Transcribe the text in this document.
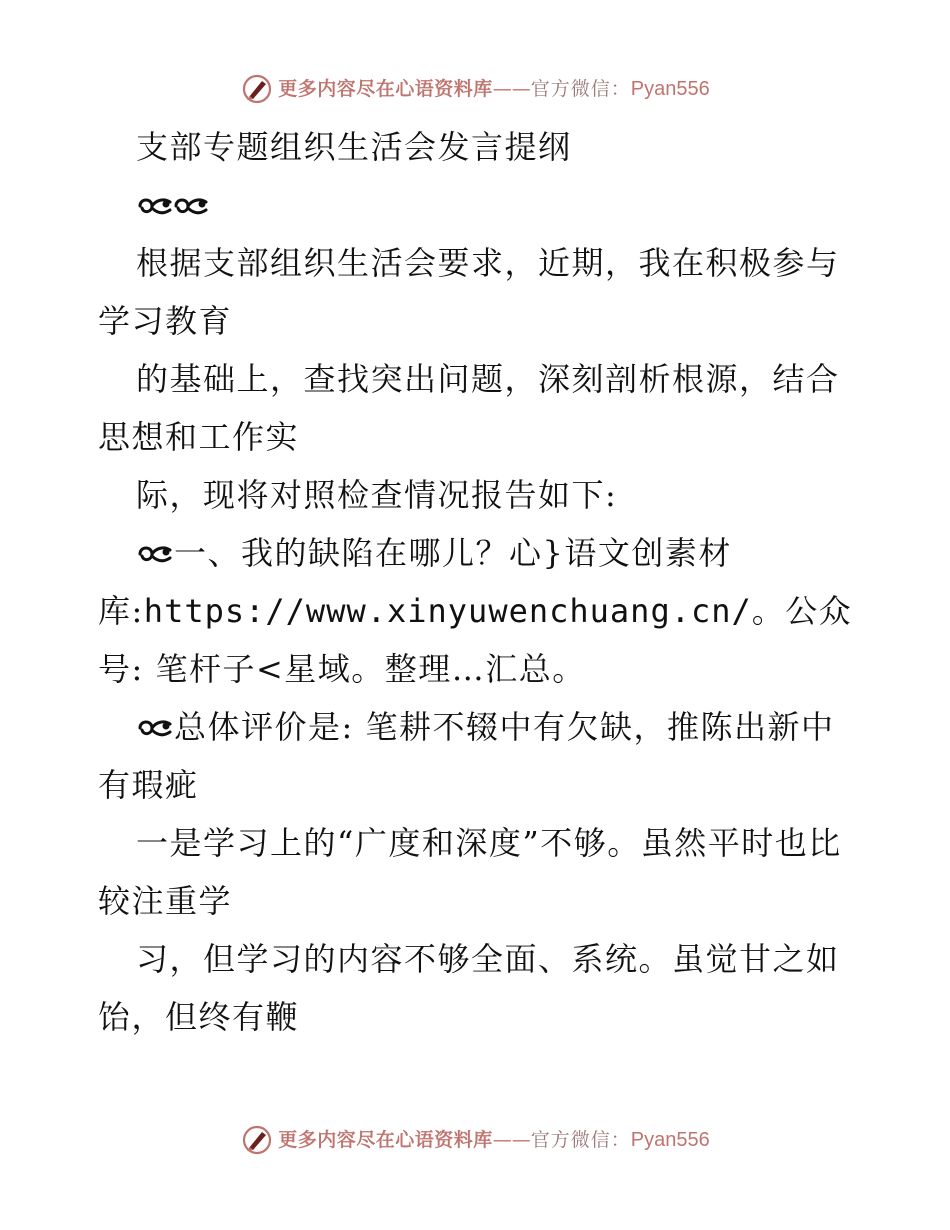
更多内容尽在心语资料库 —— 官方微信： Pyan556

支部专题组织生活会发言提纲

根据支部组织生活会要求，近期，我在积极参与学习教育

的基础上，查找突出问题，深刻剖析根源，结合思想和工作实

际，现将对照检查情况报告如下:

一、我的缺陷在哪儿？心}语文创素材库:https://www.xinyuwenchuang.cn/。公众号: 笔杆子<星域。整理…汇总。

总体评价是: 笔耕不辍中有欠缺，推陈出新中有瑕疵

一是学习上的“广度和深度”不够。虽然平时也比较注重学

习，但学习的内容不够全面、系统。虽觉甘之如饴，但终有鞭

更多内容尽在心语资料库 —— 官方微信： Pyan556
